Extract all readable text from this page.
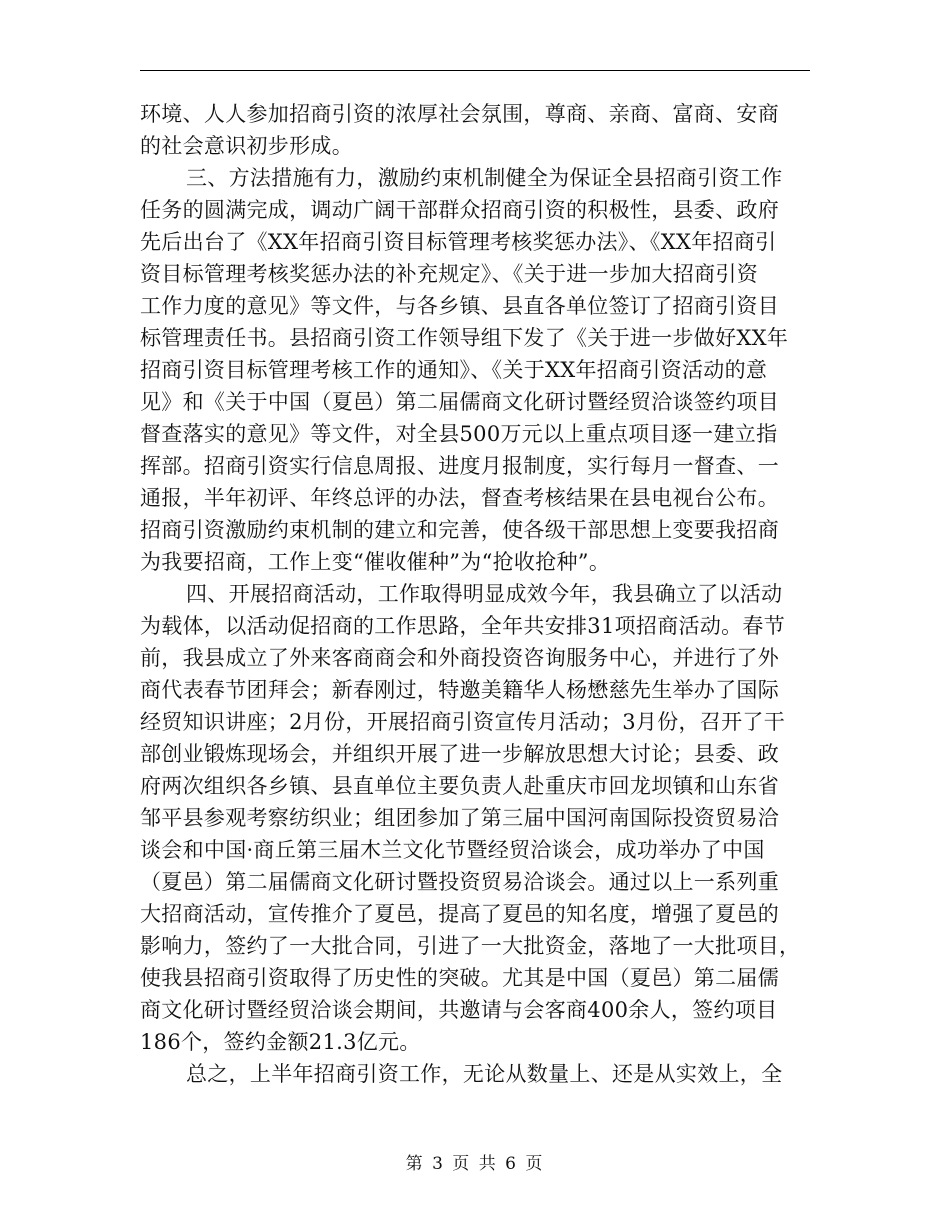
环境、人人参加招商引资的浓厚社会氛围，尊商、亲商、富商、安商
的社会意识初步形成。
三、方法措施有力，激励约束机制健全为保证全县招商引资工作
任务的圆满完成，调动广阔干部群众招商引资的积极性，县委、政府
先后出台了《XX年招商引资目标管理考核奖惩办法》、《XX年招商引
资目标管理考核奖惩办法的补充规定》、《关于进一步加大招商引资
工作力度的意见》等文件，与各乡镇、县直各单位签订了招商引资目
标管理责任书。县招商引资工作领导组下发了《关于进一步做好XX年
招商引资目标管理考核工作的通知》、《关于XX年招商引资活动的意
见》和《关于中国（夏邑）第二届儒商文化研讨暨经贸洽谈签约项目
督查落实的意见》等文件，对全县500万元以上重点项目逐一建立指
挥部。招商引资实行信息周报、进度月报制度，实行每月一督查、一
通报，半年初评、年终总评的办法，督查考核结果在县电视台公布。
招商引资激励约束机制的建立和完善，使各级干部思想上变要我招商
为我要招商，工作上变“催收催种”为“抢收抢种”。
四、开展招商活动，工作取得明显成效今年，我县确立了以活动
为载体，以活动促招商的工作思路，全年共安排31项招商活动。春节
前，我县成立了外来客商商会和外商投资咨询服务中心，并进行了外
商代表春节团拜会；新春刚过，特邀美籍华人杨懋慈先生举办了国际
经贸知识讲座；2月份，开展招商引资宣传月活动；3月份，召开了干
部创业锻炼现场会，并组织开展了进一步解放思想大讨论；县委、政
府两次组织各乡镇、县直单位主要负责人赴重庆市回龙坝镇和山东省
邹平县参观考察纺织业；组团参加了第三届中国河南国际投资贸易洽
谈会和中国·商丘第三届木兰文化节暨经贸洽谈会，成功举办了中国
（夏邑）第二届儒商文化研讨暨投资贸易洽谈会。通过以上一系列重
大招商活动，宣传推介了夏邑，提高了夏邑的知名度，增强了夏邑的
影响力，签约了一大批合同，引进了一大批资金，落地了一大批项目，
使我县招商引资取得了历史性的突破。尤其是中国（夏邑）第二届儒
商文化研讨暨经贸洽谈会期间，共邀请与会客商400余人，签约项目
186个，签约金额21.3亿元。
总之，上半年招商引资工作，无论从数量上、还是从实效上，全
第 3 页 共 6 页
